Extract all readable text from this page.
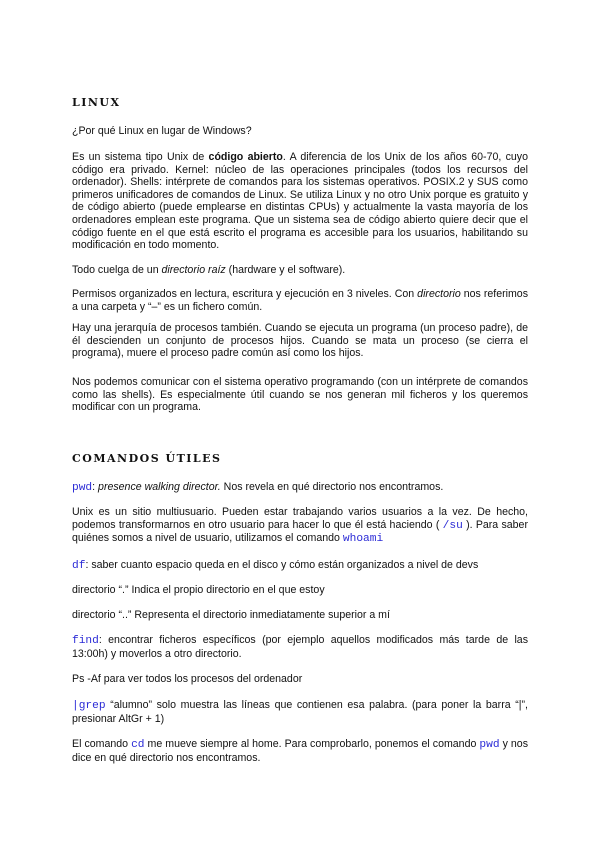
LINUX

¿Por qué Linux en lugar de Windows?

Es un sistema tipo Unix de código abierto. A diferencia de los Unix de los años 60-70, cuyo código era privado. Kernel: núcleo de las operaciones principales (todos los recursos del ordenador). Shells: intérprete de comandos para los sistemas operativos. POSIX.2 y SUS como primeros unificadores de comandos de Linux. Se utiliza Linux y no otro Unix porque es gratuito y de código abierto (puede emplearse en distintas CPUs) y actualmente la vasta mayoría de los ordenadores emplean este programa. Que un sistema sea de código abierto quiere decir que el código fuente en el que está escrito el programa es accesible para los usuarios, habilitando su modificación en todo momento.

Todo cuelga de un directorio raíz (hardware y el software).

Permisos organizados en lectura, escritura y ejecución en 3 niveles. Con directorio nos referimos a una carpeta y “–” es un fichero común.

Hay una jerarquía de procesos también. Cuando se ejecuta un programa (un proceso padre), de él descienden un conjunto de procesos hijos. Cuando se mata un proceso (se cierra el programa), muere el proceso padre común así como los hijos.

Nos podemos comunicar con el sistema operativo programando (con un intérprete de comandos como las shells). Es especialmente útil cuando se nos generan mil ficheros y los queremos modificar con un programa.

COMANDOS ÚTILES

pwd: presence walking director. Nos revela en qué directorio nos encontramos.

Unix es un sitio multiusuario. Pueden estar trabajando varios usuarios a la vez. De hecho, podemos transformarnos en otro usuario para hacer lo que él está haciendo ( /su ). Para saber quiénes somos a nivel de usuario, utilizamos el comando whoami

df: saber cuanto espacio queda en el disco y cómo están organizados a nivel de devs

directorio “.” Indica el propio directorio en el que estoy

directorio “..” Representa el directorio inmediatamente superior a mí

find: encontrar ficheros específicos (por ejemplo aquellos modificados más tarde de las 13:00h) y moverlos a otro directorio.

Ps -Af para ver todos los procesos del ordenador

|grep “alumno” solo muestra las líneas que contienen esa palabra. (para poner la barra “|”, presionar AltGr + 1)

El comando cd me mueve siempre al home. Para comprobarlo, ponemos el comando pwd y nos dice en qué directorio nos encontramos.
